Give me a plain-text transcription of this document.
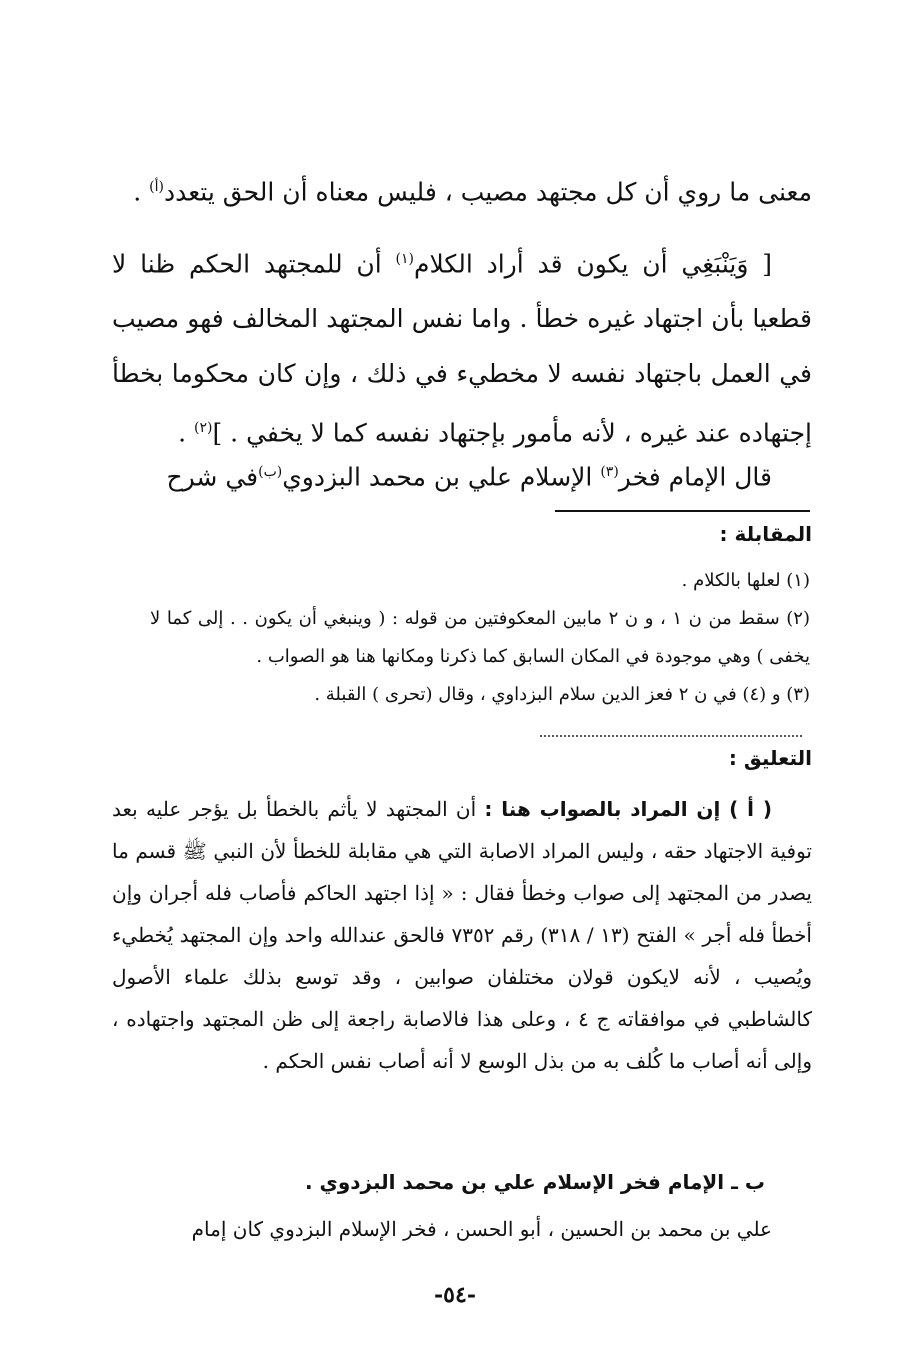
معنى ما روي أن كل مجتهد مصيب ، فليس معناه أن الحق يتعدد$^{(أ)}$ .

[ وَيَنْبَغِي أن يكون قد أراد الكلام$^{(١)}$ أن للمجتهد الحكم ظنا لا قطعيا بأن اجتهاد غيره خطأ . واما نفس المجتهد المخالف فهو مصيب في العمل باجتهاد نفسه لا مخطيء في ذلك ، وإن كان محكوما بخطأ إجتهاده عند غيره ، لأنه مأمور بإجتهاد نفسه كما لا يخفي . ]$^{(٢)}$ .

قال الإمام فخر$^{(٣)}$ الإسلام علي بن محمد البزدوي$^{(ب)}$في شرح

المقابلة :

(١) لعلها بالكلام .

(٢) سقط من ن ١ ، و ن ٢ مابين المعكوفتين من قوله : ( وينبغي أن يكون . . إلى كما لا يخفى ) وهي موجودة في المكان السابق كما ذكرنا ومكانها هنا هو الصواب .

(٣) و (٤) في ن ٢ فعز الدين سلام البزداوي ، وقال (تحرى ) القبلة .

التعليق :

( أ ) إن المراد بالصواب هنا : أن المجتهد لا يأثم بالخطأ بل يؤجر عليه بعد توفية الاجتهاد حقه ، وليس المراد الاصابة التي هي مقابلة للخطأ لأن النبي ﷺ قسم ما يصدر من المجتهد إلى صواب وخطأ فقال : « إذا اجتهد الحاكم فأصاب فله أجران وإن أخطأ فله أجر » الفتح (١٣ / ٣١٨) رقم ٧٣٥٢ فالحق عندالله واحد وإن المجتهد يُخطيء ويُصيب ، لأنه لايكون قولان مختلفان صوابين ، وقد توسع بذلك علماء الأصول كالشاطبي في موافقاته ج ٤ ، وعلى هذا فالاصابة راجعة إلى ظن المجتهد واجتهاده ، وإلى أنه أصاب ما كُلف به من بذل الوسع لا أنه أصاب نفس الحكم .

ب ـ الإمام فخر الإسلام علي بن محمد البزدوي .

علي بن محمد بن الحسين ، أبو الحسن ، فخر الإسلام البزدوي كان إمام

-٥٤-
